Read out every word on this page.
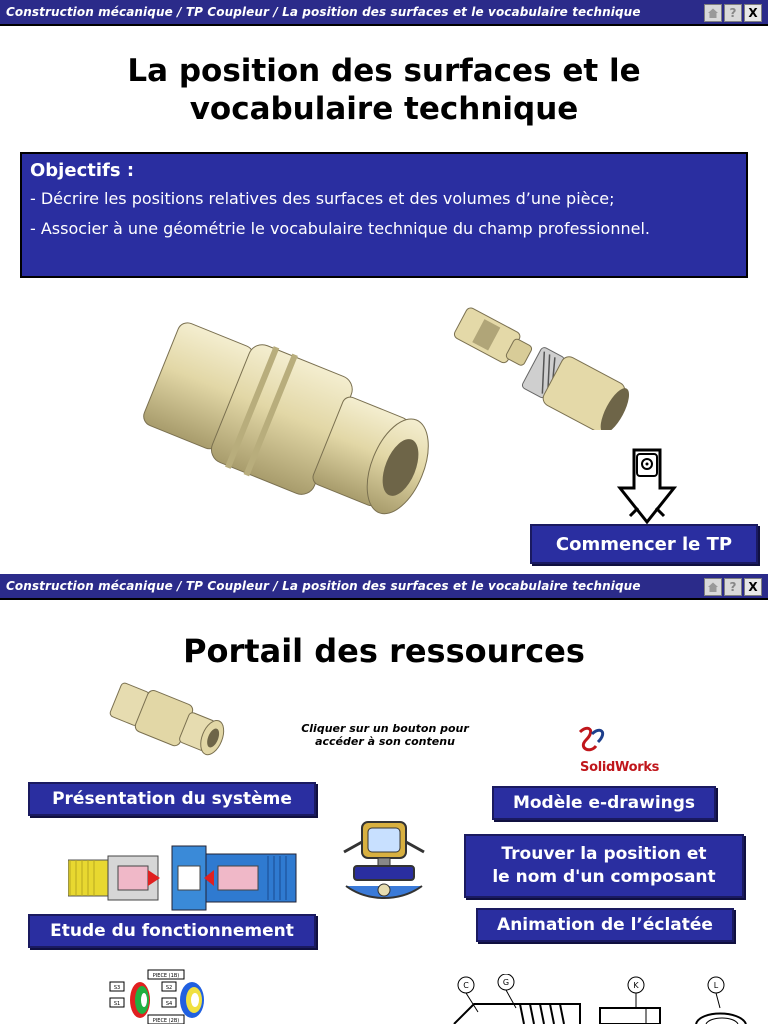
Construction mécanique / TP Coupleur / La position des surfaces et le vocabulaire technique	? X
La position des surfaces et le
vocabulaire technique
Objectifs :
- Décrire les positions relatives des surfaces et des volumes d’une pièce;
- Associer à une géométrie le vocabulaire technique du champ professionnel.
Commencer le TP
Construction mécanique / TP Coupleur / La position des surfaces et le vocabulaire technique	? X
Portail des ressources
Cliquer sur un bouton pour accéder à son contenu
SolidWorks
Présentation du système	Modèle e-drawings
Trouver la position et
le nom d'un composant
Etude du fonctionnement	Animation de l’éclatée
PIECE (1B)
S3
S1
S2
S4
PIECE (2B)
C	G	K	L
